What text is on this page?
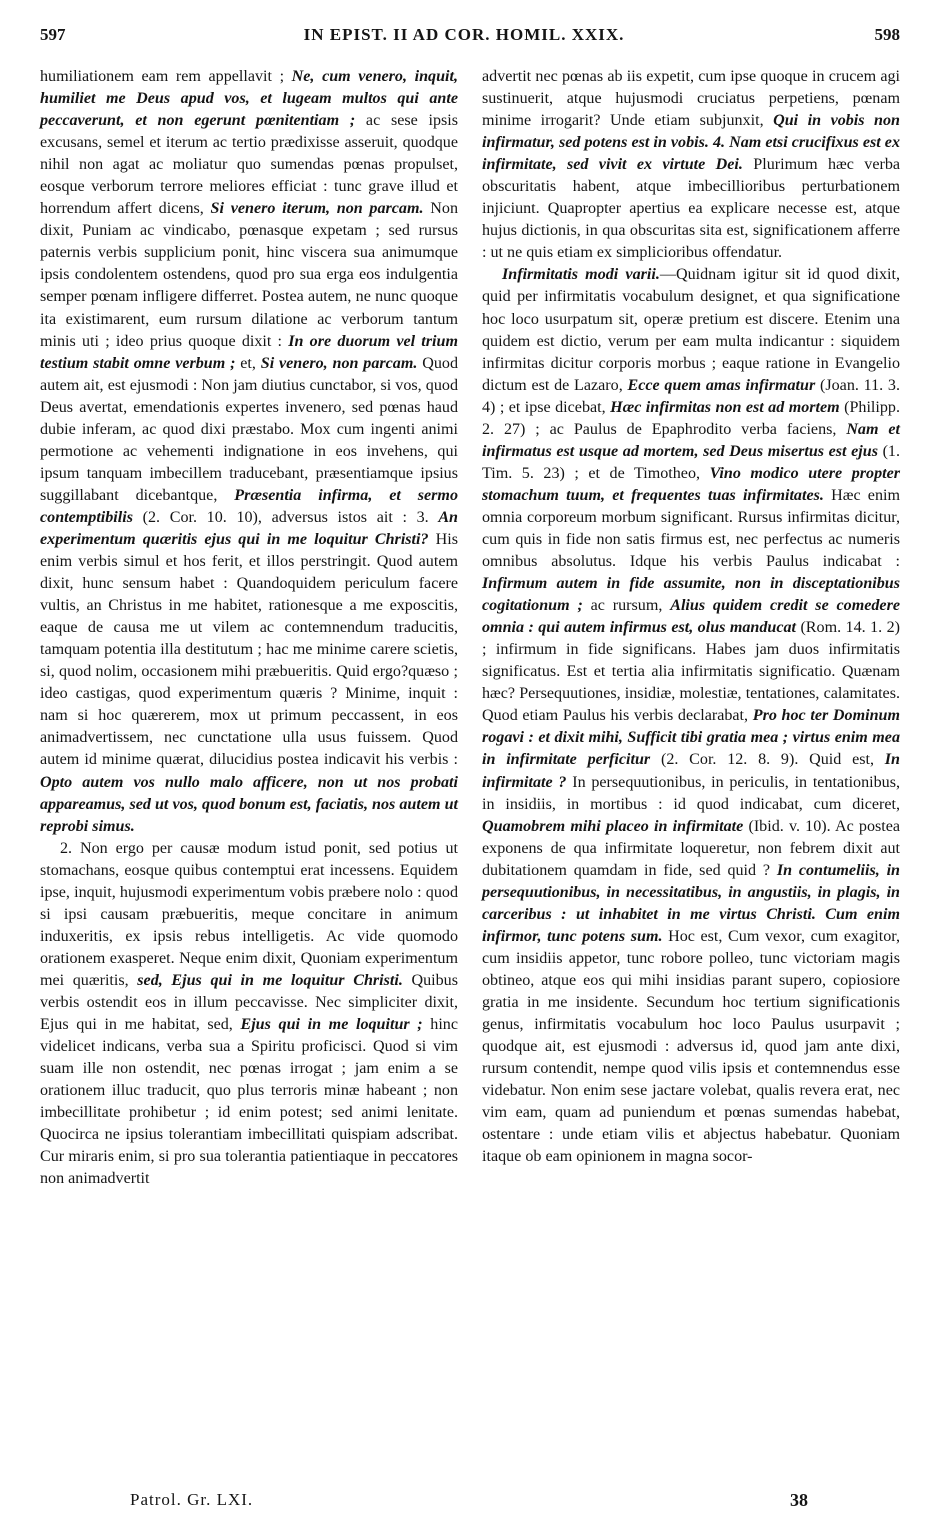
597	IN EPIST. II AD COR. HOMIL. XXIX.	598

humiliationem eam rem appellavit ; Ne, cum venero, inquit, humiliet me Deus apud vos, et lugeam multos qui ante peccaverunt, et non egerunt pœnitentiam ; ac sese ipsis excusans, semel et iterum ac tertio prædixisse asseruit, quodque nihil non agat ac moliatur quo sumendas pœnas propulset, eosque verborum terrore meliores efficiat : tunc grave illud et horrendum affert dicens, Si venero iterum, non parcam. Non dixit, Puniam ac vindicabo, pœnasque expetam ; sed rursus paternis verbis supplicium ponit, hinc viscera sua animumque ipsis condolentem ostendens, quod pro sua erga eos indulgentia semper pœnam infligere differret. Postea autem, ne nunc quoque ita existimarent, eum rursum dilatione ac verborum tantum minis uti ; ideo prius quoque dixit : In ore duorum vel trium testium stabit omne verbum ; et, Si venero, non parcam. Quod autem ait, est ejusmodi : Non jam diutius cunctabor, si vos, quod Deus avertat, emendationis expertes invenero, sed pœnas haud dubie inferam, ac quod dixi præstabo. Mox cum ingenti animi permotione ac vehementi indignatione in eos invehens, qui ipsum tanquam imbecillem traducebant, præsentiamque ipsius suggillabant dicebantque, Præsentia infirma, et sermo contemptibilis (2. Cor. 10. 10), adversus istos ait : 3. An experimentum quæritis ejus qui in me loquitur Christi? His enim verbis simul et hos ferit, et illos perstringit. Quod autem dixit, hunc sensum habet : Quandoquidem periculum facere vultis, an Christus in me habitet, rationesque a me exposcitis, eaque de causa me ut vilem ac contemnendum traducitis, tamquam potentia illa destitutum ; hac me minime carere scietis, si, quod nolim, occasionem mihi præbueritis. Quid ergo?quæso ; ideo castigas, quod experimentum quæris ? Minime, inquit : nam si hoc quærerem, mox ut primum peccassent, in eos animadvertissem, nec cunctatione ulla usus fuissem. Quod autem id minime quærat, dilucidius postea indicavit his verbis : Opto autem vos nullo malo afficere, non ut nos probati appareamus, sed ut vos, quod bonum est, faciatis, nos autem ut reprobi simus.

2. Non ergo per causæ modum istud ponit, sed potius ut stomachans, eosque quibus contemptui erat incessens. Equidem ipse, inquit, hujusmodi experimentum vobis præbere nolo : quod si ipsi causam præbueritis, meque concitare in animum induxeritis, ex ipsis rebus intelligetis. Ac vide quomodo orationem exasperet. Neque enim dixit, Quoniam experimentum mei quæritis, sed, Ejus qui in me loquitur Christi. Quibus verbis ostendit eos in illum peccavisse. Nec simpliciter dixit, Ejus qui in me habitat, sed, Ejus qui in me loquitur ; hinc videlicet indicans, verba sua a Spiritu proficisci. Quod si vim suam ille non ostendit, nec pœnas irrogat ; jam enim a se orationem illuc traducit, quo plus terroris minæ habeant ; non imbecillitate prohibetur ; id enim potest; sed animi lenitate. Quocirca ne ipsius tolerantiam imbecillitati quispiam adscribat. Cur miraris enim, si pro sua tolerantia patientiaque in peccatores non animadvertit

advertit nec pœnas ab iis expetit, cum ipse quoque in crucem agi sustinuerit, atque hujusmodi cruciatus perpetiens, pœnam minime irrogarit? Unde etiam subjunxit, Qui in vobis non infirmatur, sed potens est in vobis. 4. Nam etsi crucifixus est ex infirmitate, sed vivit ex virtute Dei. Plurimum hæc verba obscuritatis habent, atque imbecillioribus perturbationem injiciunt. Quapropter apertius ea explicare necesse est, atque hujus dictionis, in qua obscuritas sita est, significationem afferre : ut ne quis etiam ex simplicioribus offendatur.

Infirmitatis modi varii.—Quidnam igitur sit id quod dixit, quid per infirmitatis vocabulum designet, et qua significatione hoc loco usurpatum sit, operæ pretium est discere. Etenim una quidem est dictio, verum per eam multa indicantur : siquidem infirmitas dicitur corporis morbus ; eaque ratione in Evangelio dictum est de Lazaro, Ecce quem amas infirmatur (Joan. 11. 3. 4) ; et ipse dicebat, Hæc infirmitas non est ad mortem (Philipp. 2. 27) ; ac Paulus de Epaphrodito verba faciens, Nam et infirmatus est usque ad mortem, sed Deus misertus est ejus (1. Tim. 5. 23) ; et de Timotheo, Vino modico utere propter stomachum tuum, et frequentes tuas infirmitates. Hæc enim omnia corporeum morbum significant. Rursus infirmitas dicitur, cum quis in fide non satis firmus est, nec perfectus ac numeris omnibus absolutus. Idque his verbis Paulus indicabat : Infirmum autem in fide assumite, non in disceptationibus cogitationum ; ac rursum, Alius quidem credit se comedere omnia : qui autem infirmus est, olus manducat (Rom. 14. 1. 2) ; infirmum in fide significans. Habes jam duos infirmitatis significatus. Est et tertia alia infirmitatis significatio. Quænam hæc? Persequutiones, insidiæ, molestiæ, tentationes, calamitates. Quod etiam Paulus his verbis declarabat, Pro hoc ter Dominum rogavi : et dixit mihi, Sufficit tibi gratia mea ; virtus enim mea in infirmitate perficitur (2. Cor. 12. 8. 9). Quid est, In infirmitate ? In persequutionibus, in periculis, in tentationibus, in insidiis, in mortibus : id quod indicabat, cum diceret, Quamobrem mihi placeo in infirmitate (Ibid. v. 10). Ac postea exponens de qua infirmitate loqueretur, non febrem dixit aut dubitationem quamdam in fide, sed quid ? In contumeliis, in persequutionibus, in necessitatibus, in angustiis, in plagis, in carceribus : ut inhabitet in me virtus Christi. Cum enim infirmor, tunc potens sum. Hoc est, Cum vexor, cum exagitor, cum insidiis appetor, tunc robore polleo, tunc victoriam magis obtineo, atque eos qui mihi insidias parant supero, copiosiore gratia in me insidente. Secundum hoc tertium significationis genus, infirmitatis vocabulum hoc loco Paulus usurpavit ; quodque ait, est ejusmodi : adversus id, quod jam ante dixi, rursum contendit, nempe quod vilis ipsis et contemnendus esse videbatur. Non enim sese jactare volebat, qualis revera erat, nec vim eam, quam ad puniendum et pœnas sumendas habebat, ostentare : unde etiam vilis et abjectus habebatur. Quoniam itaque ob eam opinionem in magna socor-

Patrol. Gr. LXI.	38
